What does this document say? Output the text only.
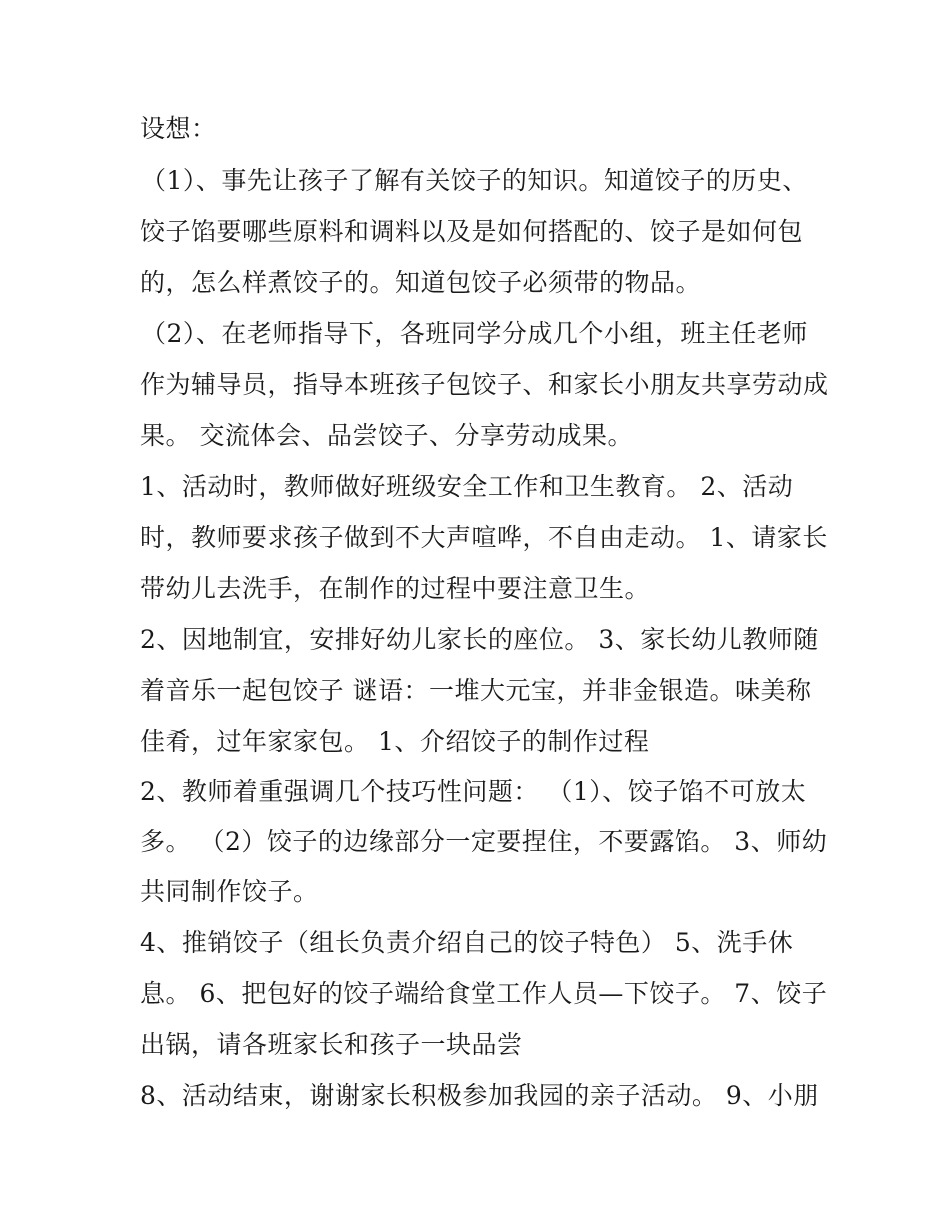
设想：
（1）、事先让孩子了解有关饺子的知识。知道饺子的历史、
饺子馅要哪些原料和调料以及是如何搭配的、饺子是如何包
的，怎么样煮饺子的。知道包饺子必须带的物品。
（2）、在老师指导下，各班同学分成几个小组，班主任老师
作为辅导员，指导本班孩子包饺子、和家长小朋友共享劳动成
果。 交流体会、品尝饺子、分享劳动成果。
1、活动时，教师做好班级安全工作和卫生教育。 2、活动
时，教师要求孩子做到不大声喧哗，不自由走动。 1、请家长
带幼儿去洗手，在制作的过程中要注意卫生。
2、因地制宜，安排好幼儿家长的座位。 3、家长幼儿教师随
着音乐一起包饺子 谜语：一堆大元宝，并非金银造。味美称
佳肴，过年家家包。 1、介绍饺子的制作过程
2、教师着重强调几个技巧性问题： （1）、饺子馅不可放太
多。 （2）饺子的边缘部分一定要捏住，不要露馅。 3、师幼
共同制作饺子。
4、推销饺子（组长负责介绍自己的饺子特色） 5、洗手休
息。 6、把包好的饺子端给食堂工作人员—下饺子。 7、饺子
出锅，请各班家长和孩子一块品尝
8、活动结束，谢谢家长积极参加我园的亲子活动。 9、小朋
